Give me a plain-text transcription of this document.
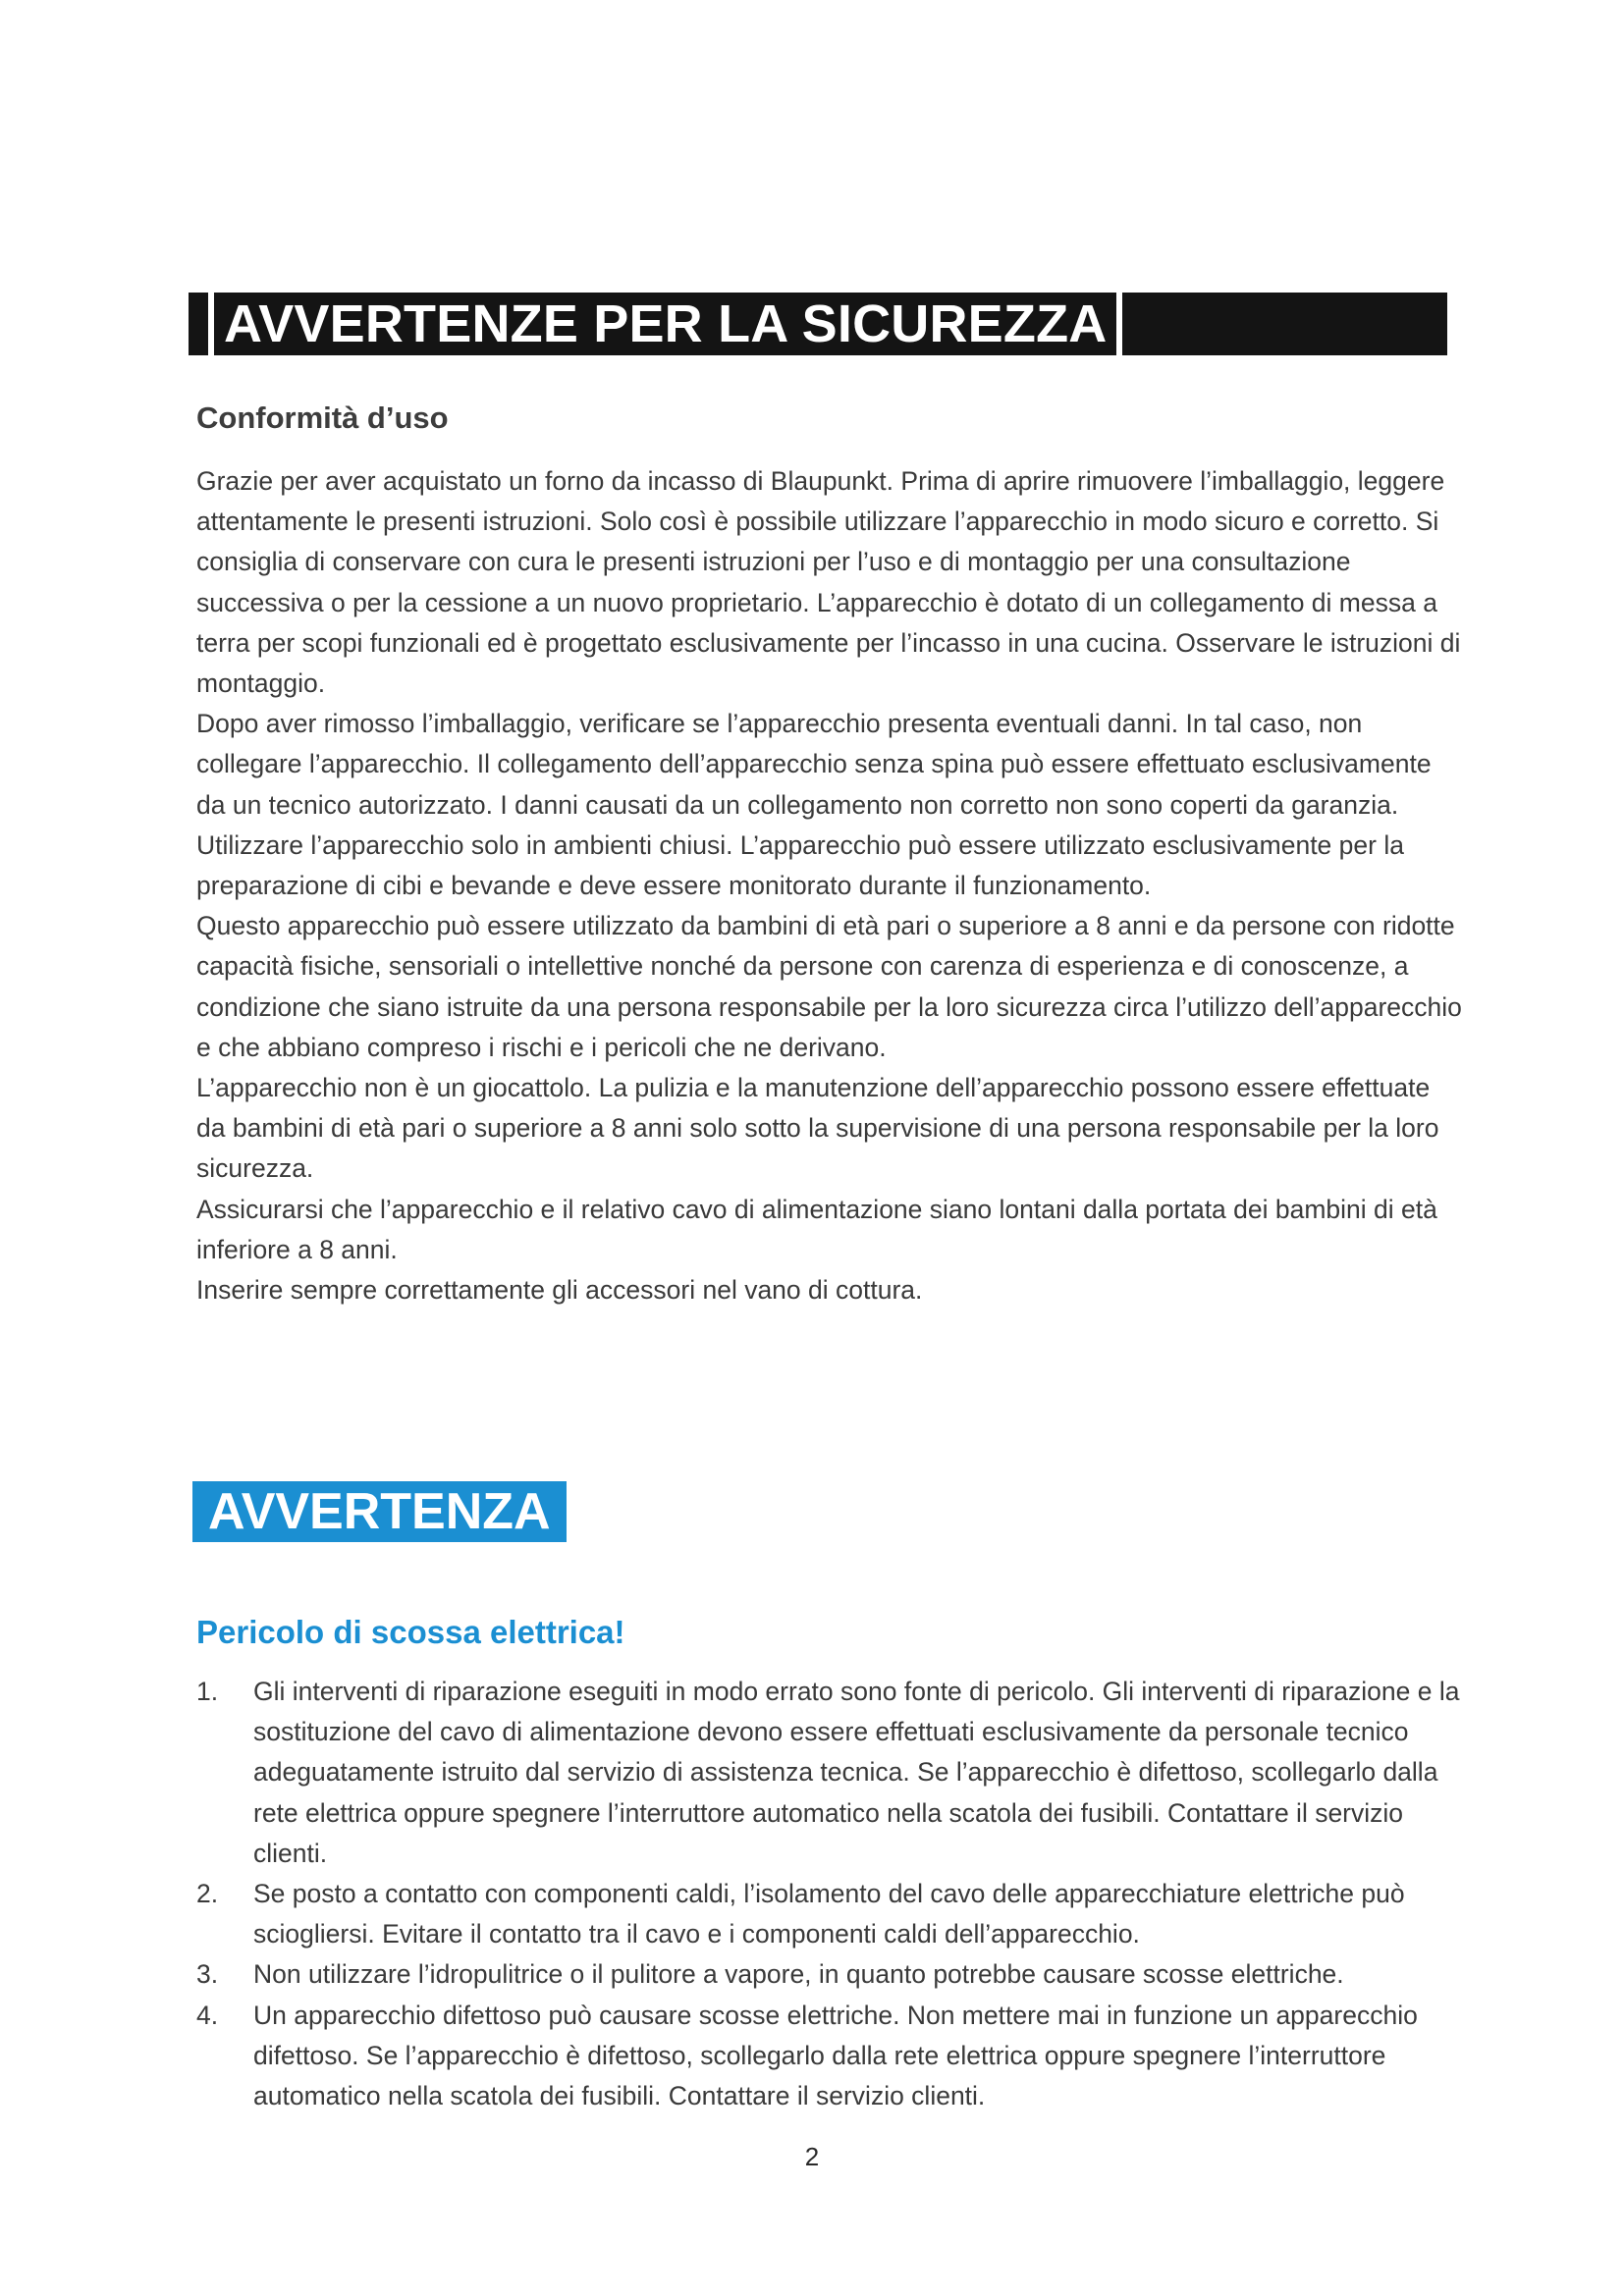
AVVERTENZE PER LA SICUREZZA
Conformità d’uso

Grazie per aver acquistato un forno da incasso di Blaupunkt. Prima di aprire rimuovere l’imballaggio, leggere attentamente le presenti istruzioni. Solo così è possibile utilizzare l’apparecchio in modo sicuro e corretto. Si consiglia di conservare con cura le presenti istruzioni per l’uso e di montaggio per una consultazione successiva o per la cessione a un nuovo proprietario. L’apparecchio è dotato di un collegamento di messa a terra per scopi funzionali ed è progettato esclusivamente per l’incasso in una cucina. Osservare le istruzioni di montaggio.

Dopo aver rimosso l’imballaggio, verificare se l’apparecchio presenta eventuali danni. In tal caso, non collegare l’apparecchio. Il collegamento dell’apparecchio senza spina può essere effettuato esclusivamente da un tecnico autorizzato. I danni causati da un collegamento non corretto non sono coperti da garanzia. Utilizzare l’apparecchio solo in ambienti chiusi. L’apparecchio può essere utilizzato esclusivamente per la preparazione di cibi e bevande e deve essere monitorato durante il funzionamento.

Questo apparecchio può essere utilizzato da bambini di età pari o superiore a 8 anni e da persone con ridotte capacità fisiche, sensoriali o intellettive nonché da persone con carenza di esperienza e di conoscenze, a condizione che siano istruite da una persona responsabile per la loro sicurezza circa l’utilizzo dell’apparecchio e che abbiano compreso i rischi e i pericoli che ne derivano.

L’apparecchio non è un giocattolo. La pulizia e la manutenzione dell’apparecchio possono essere effettuate da bambini di età pari o superiore a 8 anni solo sotto la supervisione di una persona responsabile per la loro sicurezza.

Assicurarsi che l’apparecchio e il relativo cavo di alimentazione siano lontani dalla portata dei bambini di età inferiore a 8 anni.

Inserire sempre correttamente gli accessori nel vano di cottura.

AVVERTENZA
Pericolo di scossa elettrica!
1. Gli interventi di riparazione eseguiti in modo errato sono fonte di pericolo. Gli interventi di riparazione e la sostituzione del cavo di alimentazione devono essere effettuati esclusivamente da personale tecnico adeguatamente istruito dal servizio di assistenza tecnica. Se l’apparecchio è difettoso, scollegarlo dalla rete elettrica oppure spegnere l’interruttore automatico nella scatola dei fusibili. Contattare il servizio clienti.
2. Se posto a contatto con componenti caldi, l’isolamento del cavo delle apparecchiature elettriche può sciogliersi. Evitare il contatto tra il cavo e i componenti caldi dell’apparecchio.
3. Non utilizzare l’idropulitrice o il pulitore a vapore, in quanto potrebbe causare scosse elettriche.
4. Un apparecchio difettoso può causare scosse elettriche. Non mettere mai in funzione un apparecchio difettoso. Se l’apparecchio è difettoso, scollegarlo dalla rete elettrica oppure spegnere l’interruttore automatico nella scatola dei fusibili. Contattare il servizio clienti.
2
